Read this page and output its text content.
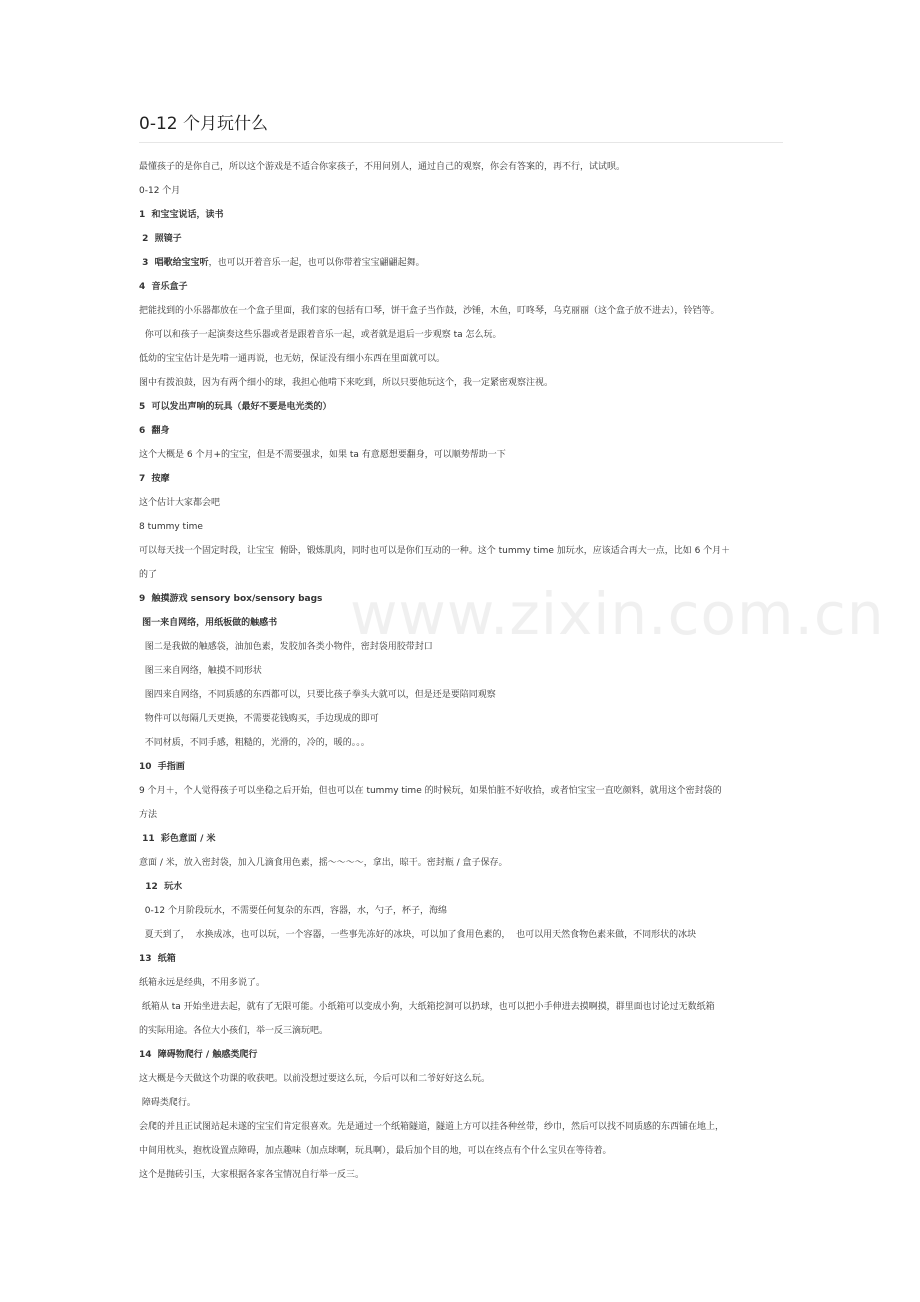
www.zixin.com.cn
0-12 个月玩什么

最懂孩子的是你自己，所以这个游戏是不适合你家孩子，不用问别人，通过自己的观察，你会有答案的，再不行，试试呗。

0-12 个月

1  和宝宝说话，读书

2  照镜子

3  唱歌给宝宝听，也可以开着音乐一起，也可以你带着宝宝翩翩起舞。

4  音乐盒子

把能找到的小乐器都放在一个盒子里面，我们家的包括有口琴，饼干盒子当作鼓，沙锤，木鱼，叮咚琴，乌克丽丽（这个盒子放不进去），铃铛等。

你可以和孩子一起演奏这些乐器或者是跟着音乐一起，或者就是退后一步观察 ta 怎么玩。

低幼的宝宝估计是先啃一通再说，也无妨，保证没有细小东西在里面就可以。

图中有拨浪鼓，因为有两个细小的球，我担心他啃下来吃到，所以只要他玩这个，我一定紧密观察注视。

5  可以发出声响的玩具（最好不要是电光类的）

6  翻身

这个大概是 6 个月+的宝宝，但是不需要强求，如果 ta 有意愿想要翻身，可以顺势帮助一下

7  按摩

这个估计大家都会吧

8 tummy time

可以每天找一个固定时段，让宝宝  俯卧，锻炼肌肉，同时也可以是你们互动的一种。这个 tummy time 加玩水，应该适合再大一点，比如 6 个月＋

的了

9  触摸游戏 sensory box/sensory bags

图一来自网络，用纸板做的触感书

图二是我做的触感袋，油加色素，发胶加各类小物件，密封袋用胶带封口

图三来自网络，触摸不同形状

图四来自网络，不同质感的东西都可以，只要比孩子拳头大就可以，但是还是要陪同观察

物件可以每隔几天更换，不需要花钱购买，手边现成的即可

不同材质，不同手感，粗糙的，光滑的，冷的，暖的。。。

10  手指画

9 个月＋，个人觉得孩子可以坐稳之后开始，但也可以在 tummy time 的时候玩，如果怕脏不好收拾，或者怕宝宝一直吃颜料，就用这个密封袋的

方法

11  彩色意面 / 米

意面 / 米，放入密封袋，加入几滴食用色素，摇～～～～，拿出，晾干。密封瓶 / 盒子保存。

12  玩水

0-12 个月阶段玩水，不需要任何复杂的东西，容器，水，勺子，杯子，海绵

夏天到了，  水换成冰，也可以玩，一个容器，一些事先冻好的冰块，可以加了食用色素的，  也可以用天然食物色素来做，不同形状的冰块

13  纸箱

纸箱永远是经典，不用多说了。

纸箱从 ta 开始坐进去起，就有了无限可能。小纸箱可以变成小狗，大纸箱挖洞可以扔球，也可以把小手伸进去摸啊摸，群里面也讨论过无数纸箱

的实际用途。各位大小孩们，举一反三滴玩吧。

14  障碍物爬行 / 触感类爬行

这大概是今天做这个功课的收获吧。以前没想过要这么玩，今后可以和二爷好好这么玩。

障碍类爬行。

会爬的并且正试图站起未遂的宝宝们肯定很喜欢。先是通过一个纸箱隧道，隧道上方可以挂各种丝带，纱巾，然后可以找不同质感的东西铺在地上，

中间用枕头，抱枕设置点障碍，加点趣味（加点球啊，玩具啊），最后加个目的地，可以在终点有个什么宝贝在等待着。

这个是抛砖引玉，大家根据各家各宝情况自行举一反三。
